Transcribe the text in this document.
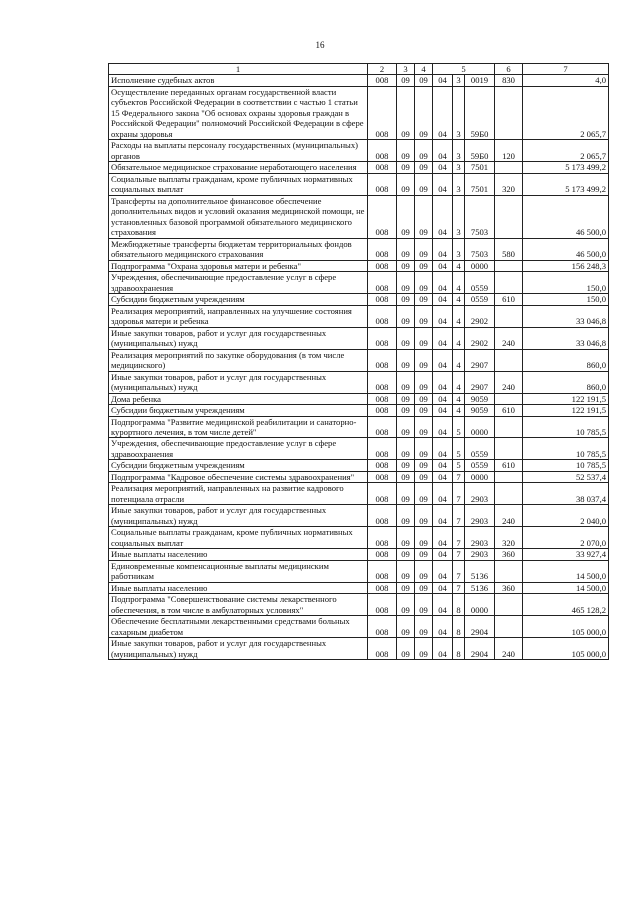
16
1	2	3	4	5			6	7
Исполнение судебных актов	008	09	09	04	3	0019	830	4,0
Осуществление переданных органам государственной власти субъектов Российской Федерации в соответствии с частью 1 статьи 15 Федерального закона "Об основах охраны здоровья граждан в Российской Федерации" полномочий Российской Федерации в сфере охраны здоровья	008	09	09	04	3	59Б0		2 065,7
Расходы на выплаты персоналу государственных (муниципальных) органов	008	09	09	04	3	59Б0	120	2 065,7
Обязательное медицинское страхование неработающего населения	008	09	09	04	3	7501		5 173 499,2
Социальные выплаты гражданам, кроме публичных нормативных социальных выплат	008	09	09	04	3	7501	320	5 173 499,2
Трансферты на дополнительное финансовое обеспечение дополнительных видов и условий оказания медицинской помощи, не установленных базовой программой обязательного медицинского страхования	008	09	09	04	3	7503		46 500,0
Межбюджетные трансферты бюджетам территориальных фондов обязательного медицинского страхования	008	09	09	04	3	7503	580	46 500,0
Подпрограмма "Охрана здоровья матери и ребенка"	008	09	09	04	4	0000		156 248,3
Учреждения, обеспечивающие предоставление услуг в сфере здравоохранения	008	09	09	04	4	0559		150,0
Субсидии бюджетным учреждениям	008	09	09	04	4	0559	610	150,0
Реализация мероприятий, направленных на улучшение состояния здоровья матери и ребенка	008	09	09	04	4	2902		33 046,8
Иные закупки товаров, работ и услуг для государственных (муниципальных) нужд	008	09	09	04	4	2902	240	33 046,8
Реализация мероприятий по закупке оборудования (в том числе медицинского)	008	09	09	04	4	2907		860,0
Иные закупки товаров, работ и услуг для государственных (муниципальных) нужд	008	09	09	04	4	2907	240	860,0
Дома ребенка	008	09	09	04	4	9059		122 191,5
Субсидии бюджетным учреждениям	008	09	09	04	4	9059	610	122 191,5
Подпрограмма "Развитие медицинской реабилитации и санаторно-курортного лечения, в том числе детей"	008	09	09	04	5	0000		10 785,5
Учреждения, обеспечивающие предоставление услуг в сфере здравоохранения	008	09	09	04	5	0559		10 785,5
Субсидии бюджетным учреждениям	008	09	09	04	5	0559	610	10 785,5
Подпрограмма "Кадровое обеспечение системы здравоохранения"	008	09	09	04	7	0000		52 537,4
Реализация мероприятий, направленных на развитие кадрового потенциала отрасли	008	09	09	04	7	2903		38 037,4
Иные закупки товаров, работ и услуг для государственных (муниципальных) нужд	008	09	09	04	7	2903	240	2 040,0
Социальные выплаты гражданам, кроме публичных нормативных социальных выплат	008	09	09	04	7	2903	320	2 070,0
Иные выплаты населению	008	09	09	04	7	2903	360	33 927,4
Единовременные компенсационные выплаты медицинским работникам	008	09	09	04	7	5136		14 500,0
Иные выплаты населению	008	09	09	04	7	5136	360	14 500,0
Подпрограмма "Совершенствование системы лекарственного обеспечения, в том числе в амбулаторных условиях"	008	09	09	04	8	0000		465 128,2
Обеспечение бесплатными лекарственными средствами больных сахарным диабетом	008	09	09	04	8	2904		105 000,0
Иные закупки товаров, работ и услуг для государственных (муниципальных) нужд	008	09	09	04	8	2904	240	105 000,0
